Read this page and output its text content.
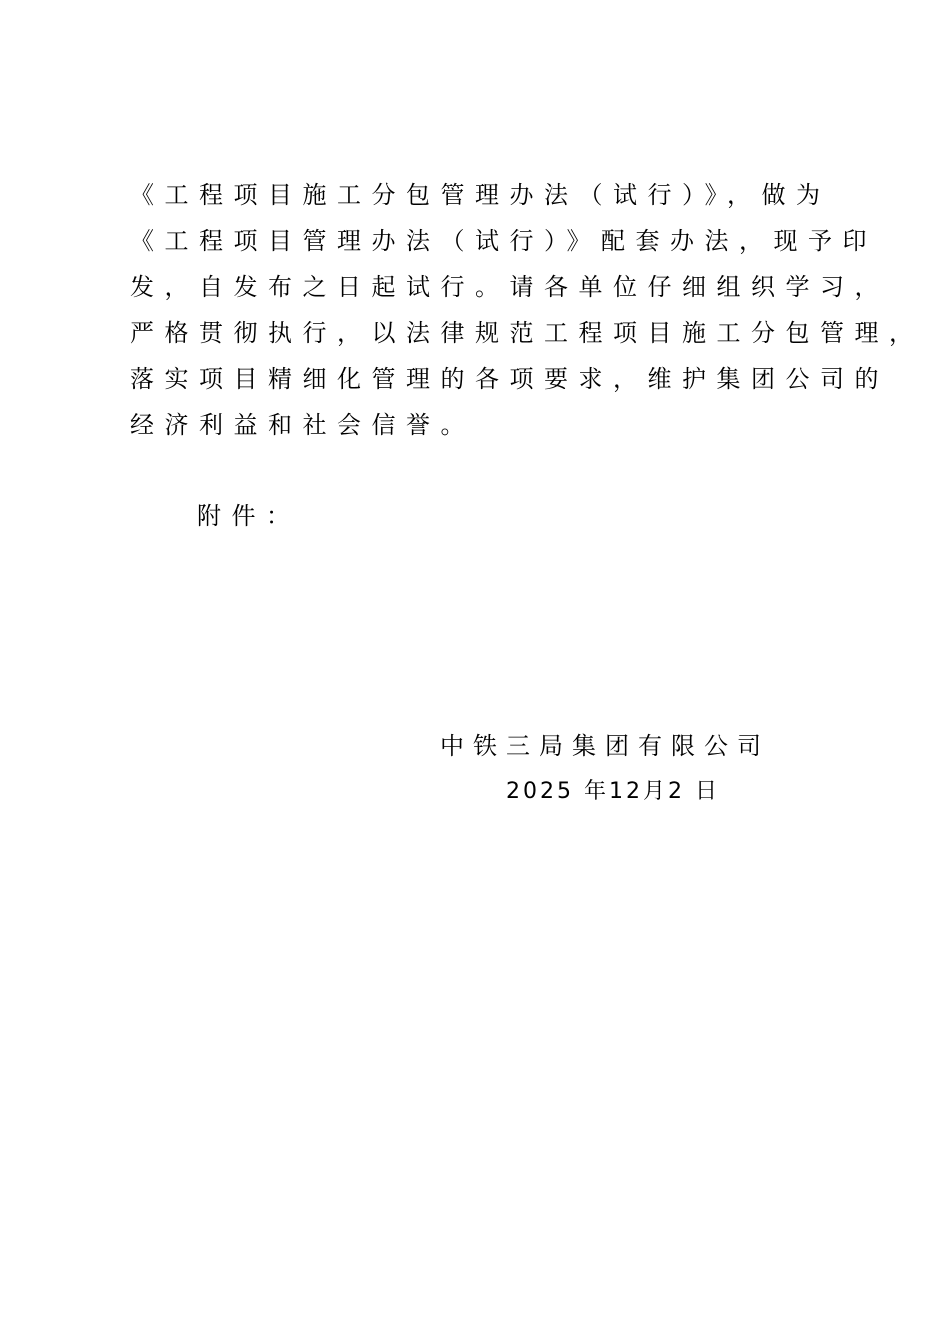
《工程项目施工分包管理办法（试行）》，做为
《工程项目管理办法（试行）》配套办法，现予印
发，自发布之日起试行。请各单位仔细组织学习，
严格贯彻执行，以法律规范工程项目施工分包管理，
落实项目精细化管理的各项要求，维护集团公司的
经济利益和社会信誉。
附件：
中铁三局集团有限公司
2025 年12月2 日
